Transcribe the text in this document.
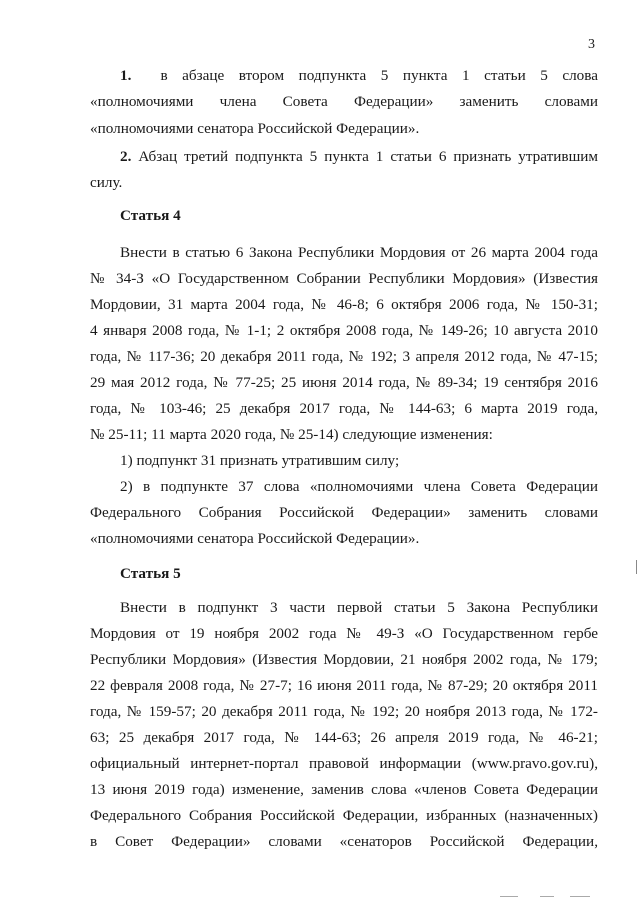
3
1. в абзаце втором подпункта 5 пункта 1 статьи 5 слова
«полномочиями члена Совета Федерации» заменить словами
«полномочиями сенатора Российской Федерации».
2. Абзац третий подпункта 5 пункта 1 статьи 6 признать утратившим
силу.
Статья 4
Внести в статью 6 Закона Республики Мордовия от 26 марта 2004 года
№ 34-З «О Государственном Собрании Республики Мордовия» (Известия
Мордовии, 31 марта 2004 года, № 46-8; 6 октября 2006 года, № 150-31;
4 января 2008 года, № 1-1; 2 октября 2008 года, № 149-26; 10 августа 2010
года, № 117-36; 20 декабря 2011 года, № 192; 3 апреля 2012 года, № 47-15;
29 мая 2012 года, № 77-25; 25 июня 2014 года, № 89-34; 19 сентября 2016
года, № 103-46; 25 декабря 2017 года, № 144-63; 6 марта 2019 года,
№ 25-11; 11 марта 2020 года, № 25-14) следующие изменения:
1) подпункт 31 признать утратившим силу;
2) в подпункте 37 слова «полномочиями члена Совета Федерации
Федерального Собрания Российской Федерации» заменить словами
«полномочиями сенатора Российской Федерации».
Статья 5
Внести в подпункт 3 части первой статьи 5 Закона Республики
Мордовия от 19 ноября 2002 года № 49-З «О Государственном гербе
Республики Мордовия» (Известия Мордовии, 21 ноября 2002 года, № 179;
22 февраля 2008 года, № 27-7; 16 июня 2011 года, № 87-29; 20 октября 2011
года, № 159-57; 20 декабря 2011 года, № 192; 20 ноября 2013 года, № 172-
63; 25 декабря 2017 года, № 144-63; 26 апреля 2019 года, № 46-21;
официальный интернет-портал правовой информации (www.pravo.gov.ru),
13 июня 2019 года) изменение, заменив слова «членов Совета Федерации
Федерального Собрания Российской Федерации, избранных (назначенных)
в Совет Федерации» словами «сенаторов Российской Федерации,
